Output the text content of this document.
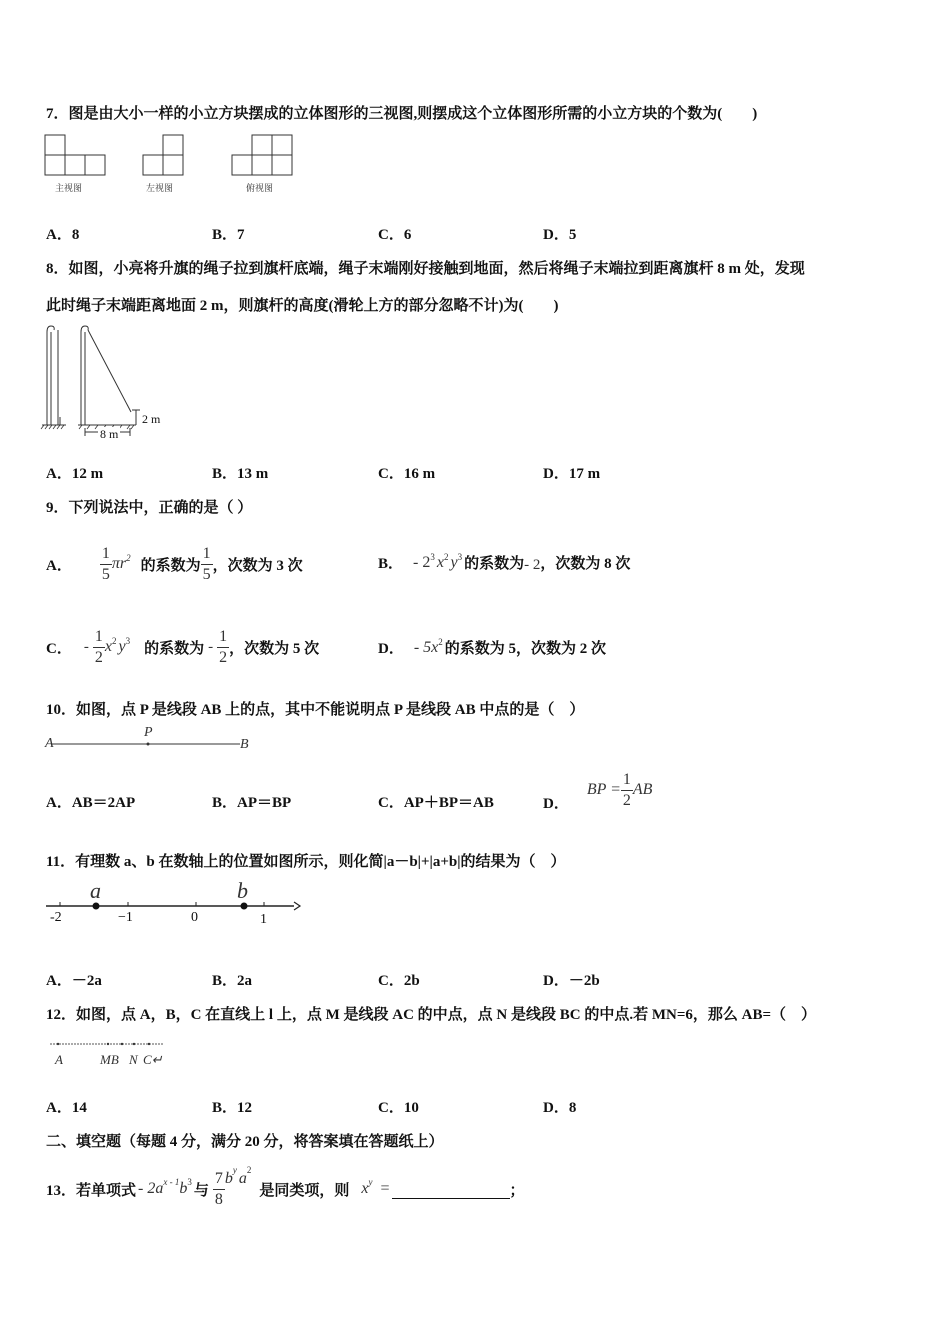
7．图是由大小一样的小立方块摆成的立体图形的三视图,则摆成这个立体图形所需的小立方块的个数为(　　)
主视图	左视图	俯视图
A．8	B．7	C．6	D．5
8．如图，小亮将升旗的绳子拉到旗杆底端，绳子末端刚好接触到地面，然后将绳子末端拉到距离旗杆 8 m 处，发现
此时绳子末端距离地面 2 m，则旗杆的高度(滑轮上方的部分忽略不计)为(　　)
2 m
8 m
A．12 m	B．13 m	C．16 m	D．17 m
9．下列说法中，正确的是（ ）
A． $\frac{1}{5} \pi r^2$ 的系数为 $\frac{1}{5}$ ，次数为 3 次	B． - $2^3$ $x^2$ $y^3$ 的系数为 - 2 ，次数为 8 次
C． - $\frac{1}{2} x^2$ $y^3$ 的系数为 - $\frac{1}{2}$ ，次数为 5 次	D． - $5x^2$ 的系数为 5，次数为 2 次
10．如图，点 P 是线段 AB 上的点，其中不能说明点 P 是线段 AB 中点的是（　）
A
P
B
A．AB＝2AP	B．AP＝BP	C．AP＋BP＝AB	D．
BP = $\frac{1}{2}$ AB
11．有理数 a、b 在数轴上的位置如图所示，则化简|a－b|+|a+b|的结果为（　）
a	b
-2	−1	0	1
A．－2a	B．2a	C．2b	D．－2b
12．如图，点 A，B，C 在直线上 l 上，点 M 是线段 AC 的中点，点 N 是线段 BC 的中点.若 MN=6，那么 AB=（　）
A	MB N C↵
A．14	B．12	C．10	D．8
二、填空题（每题 4 分，满分 20 分，将答案填在答题纸上）
13．若单项式 - $2a^{x - 1}$ $b^3$
与 $\frac{7}{8} b^y$ $a^2$
是同类项，则 $x^y$ =	；
